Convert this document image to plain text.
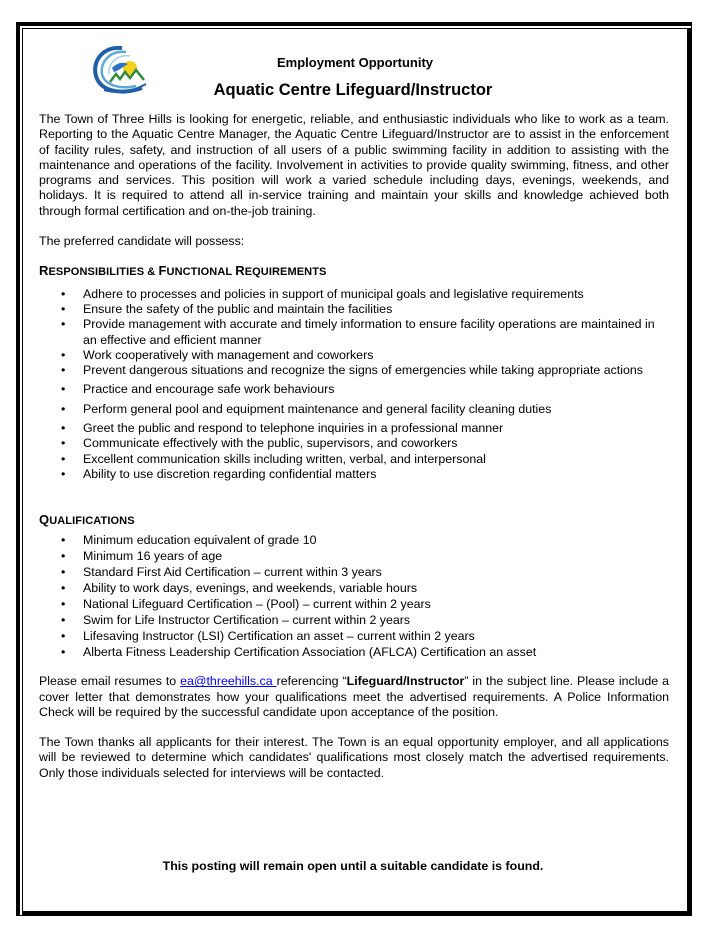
Employment Opportunity
Aquatic Centre Lifeguard/Instructor

The Town of Three Hills is looking for energetic, reliable, and enthusiastic individuals who like to work as a team. Reporting to the Aquatic Centre Manager, the Aquatic Centre Lifeguard/Instructor are to assist in the enforcement of facility rules, safety, and instruction of all users of a public swimming facility in addition to assisting with the maintenance and operations of the facility. Involvement in activities to provide quality swimming, fitness, and other programs and services. This position will work a varied schedule including days, evenings, weekends, and holidays. It is required to attend all in-service training and maintain your skills and knowledge achieved both through formal certification and on-the-job training.

The preferred candidate will possess:

RESPONSIBILITIES & FUNCTIONAL REQUIREMENTS
• Adhere to processes and policies in support of municipal goals and legislative requirements
• Ensure the safety of the public and maintain the facilities
• Provide management with accurate and timely information to ensure facility operations are maintained in an effective and efficient manner
• Work cooperatively with management and coworkers
• Prevent dangerous situations and recognize the signs of emergencies while taking appropriate actions
• Practice and encourage safe work behaviours
• Perform general pool and equipment maintenance and general facility cleaning duties
• Greet the public and respond to telephone inquiries in a professional manner
• Communicate effectively with the public, supervisors, and coworkers
• Excellent communication skills including written, verbal, and interpersonal
• Ability to use discretion regarding confidential matters
QUALIFICATIONS
• Minimum education equivalent of grade 10
• Minimum 16 years of age
• Standard First Aid Certification – current within 3 years
• Ability to work days, evenings, and weekends, variable hours
• National Lifeguard Certification – (Pool) – current within 2 years
• Swim for Life Instructor Certification – current within 2 years
• Lifesaving Instructor (LSI) Certification an asset – current within 2 years
• Alberta Fitness Leadership Certification Association (AFLCA) Certification an asset

Please email resumes to ea@threehills.ca referencing “Lifeguard/Instructor” in the subject line. Please include a cover letter that demonstrates how your qualifications meet the advertised requirements. A Police Information Check will be required by the successful candidate upon acceptance of the position.

The Town thanks all applicants for their interest. The Town is an equal opportunity employer, and all applications will be reviewed to determine which candidates' qualifications most closely match the advertised requirements. Only those individuals selected for interviews will be contacted.

This posting will remain open until a suitable candidate is found.
